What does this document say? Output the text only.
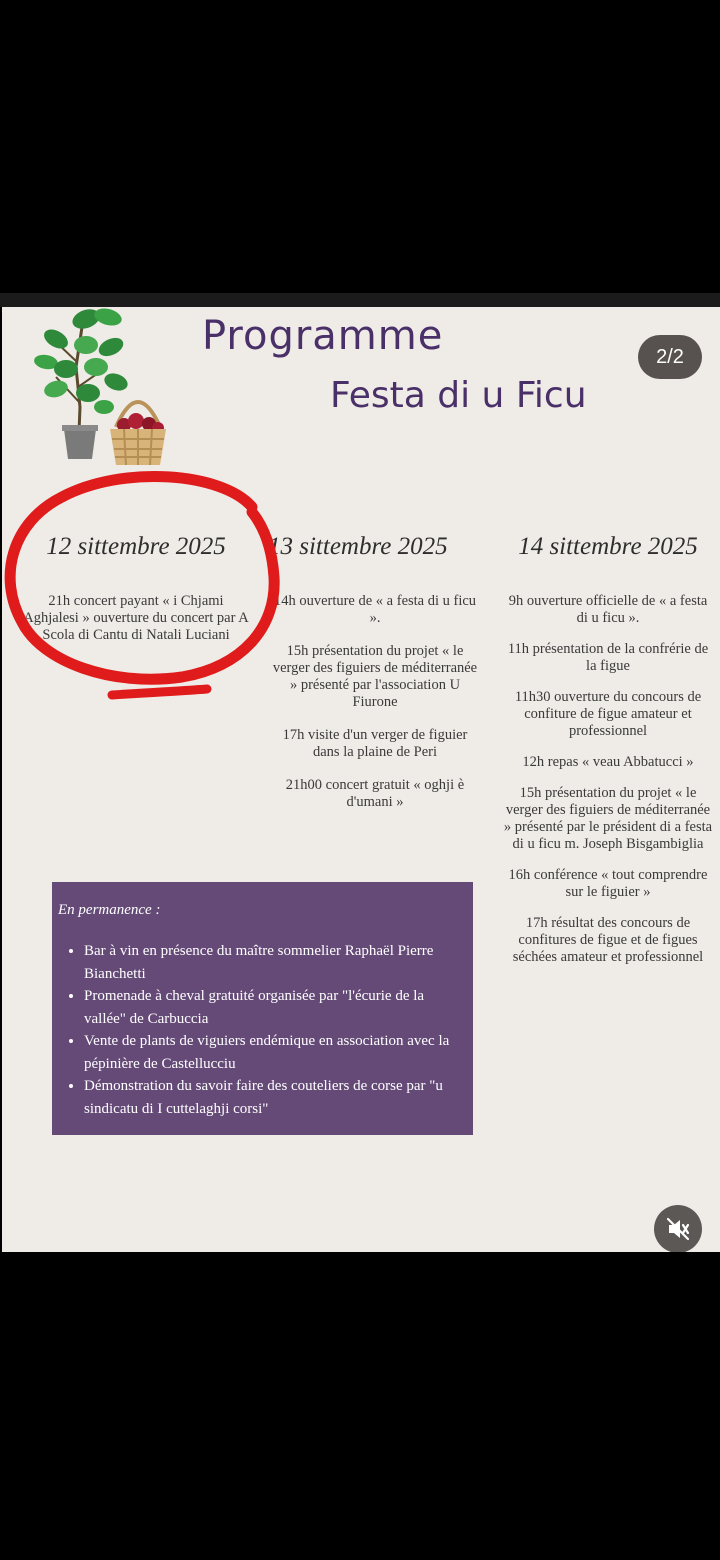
Programme
Festa di u Ficu
2/2
12 sittembre 2025

21h concert payant « i Chjami Aghjalesi » ouverture du concert par A Scola di Cantu di Natali Luciani

13 sittembre 2025

14h ouverture de « a festa di u ficu ».

15h présentation du projet « le verger des figuiers de méditerranée » présenté par l'association U Fiurone

17h visite d'un verger de figuier dans la plaine de Peri

21h00 concert gratuit « oghji è d'umani »

14 sittembre 2025

9h ouverture officielle de « a festa di u ficu ».

11h présentation de la confrérie de la figue

11h30 ouverture du concours de confiture de figue amateur et professionnel

12h repas « veau Abbatucci »

15h présentation du projet « le verger des figuiers de méditerranée » présenté par le président di a festa di u ficu m. Joseph Bisgambiglia

16h conférence « tout comprendre sur le figuier »

17h résultat des concours de confitures de figue et de figues séchées amateur et professionnel

En permanence :
• Bar à vin en présence du maître sommelier Raphaël Pierre Bianchetti
• Promenade à cheval gratuité organisée par "l'écurie de la vallée" de Carbuccia
• Vente de plants de viguiers endémique en association avec la pépinière de Castellucciu
• Démonstration du savoir faire des couteliers de corse par "u sindicatu di I cuttelaghji corsi"
